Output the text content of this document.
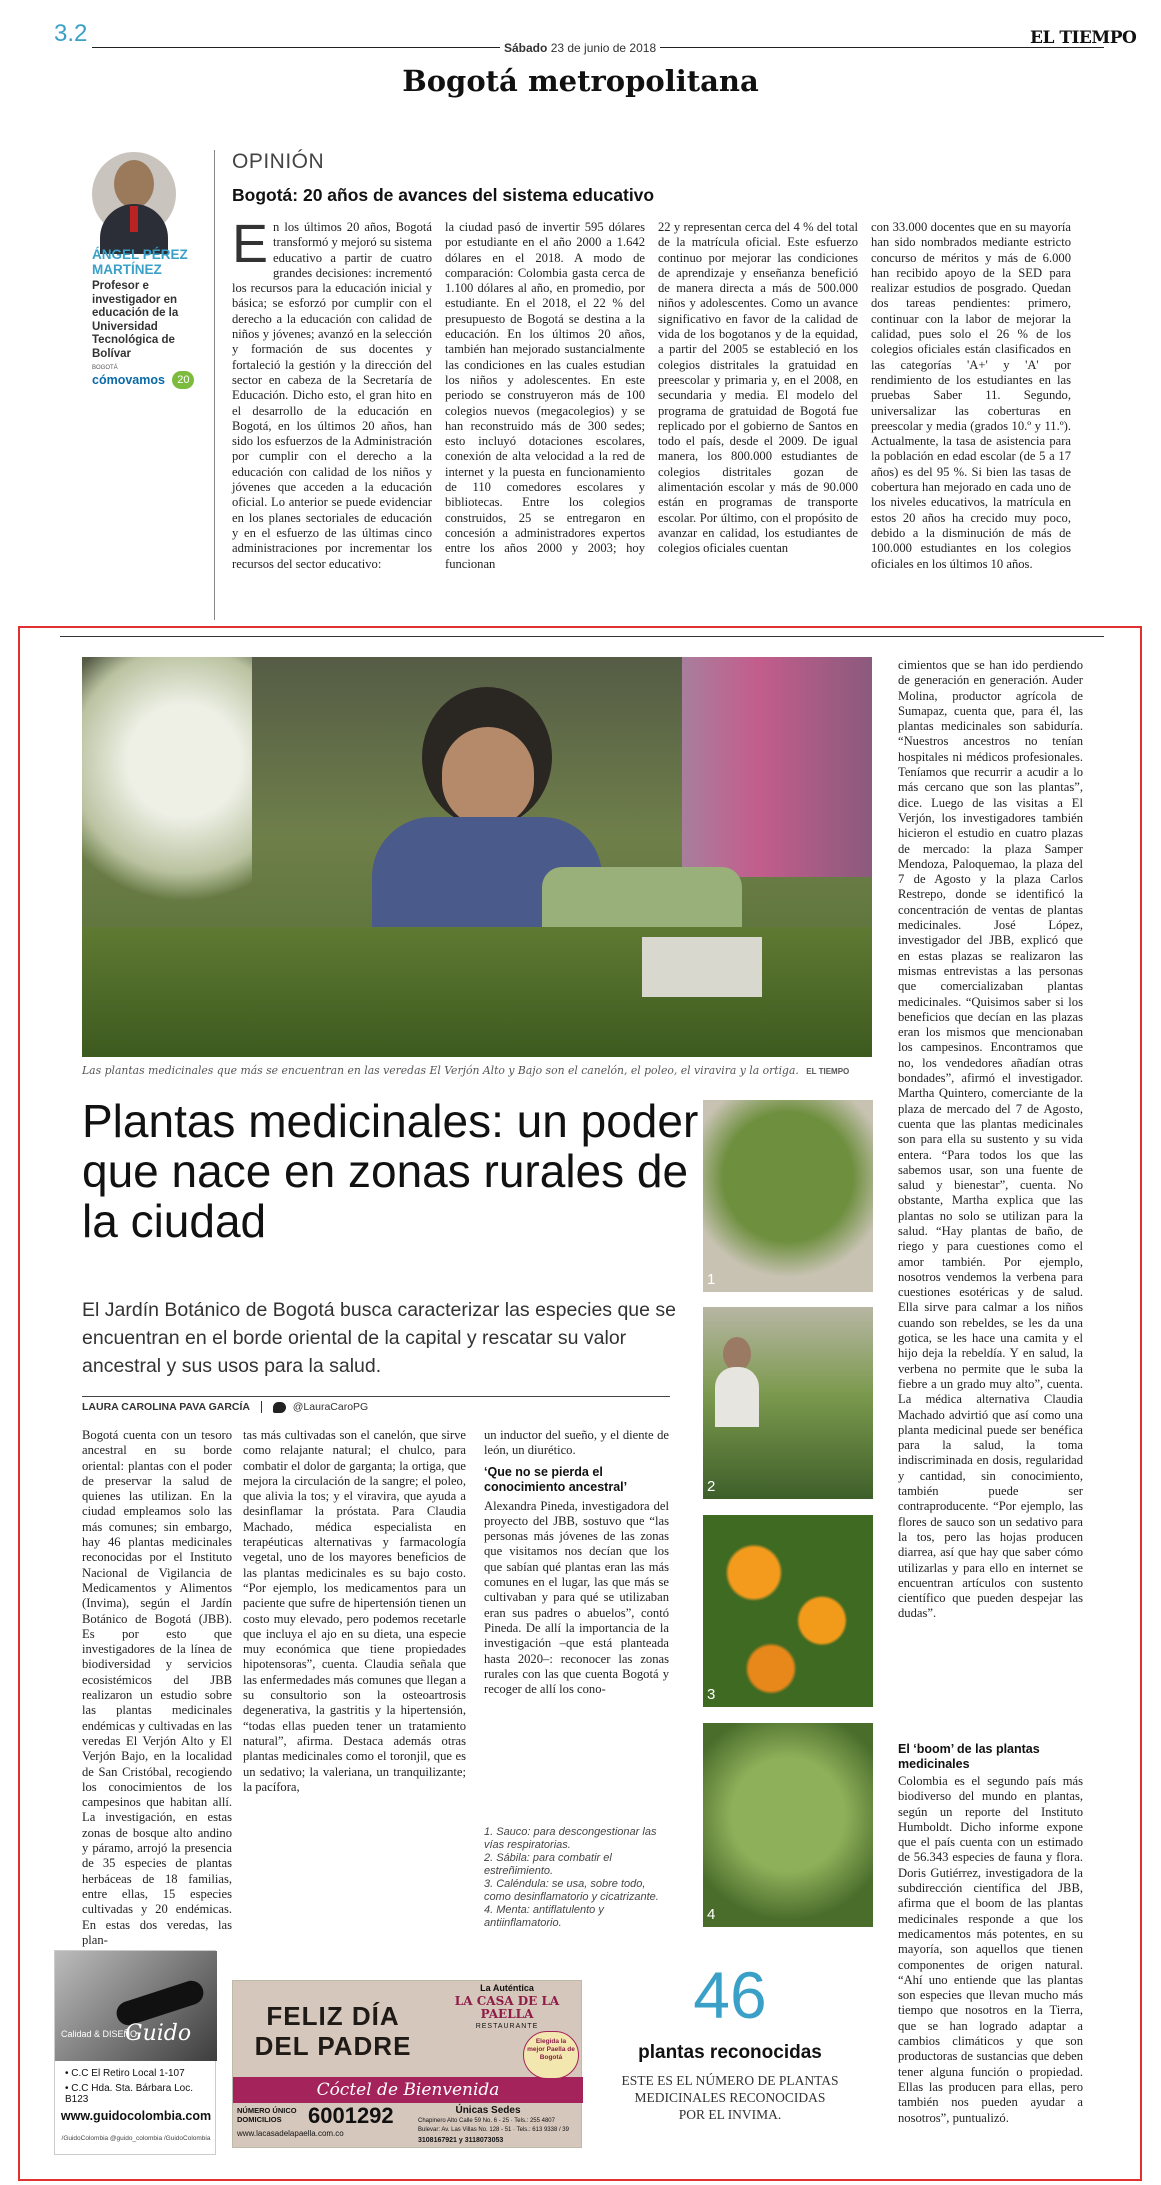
3.2
Sábado 23 de junio de 2018	EL TIEMPO
Bogotá metropolitana
ÁNGEL PÉREZ MARTÍNEZ
Profesor e investigador en educación de la Universidad Tecnológica de Bolívar
BOGOTÁ
cómovamos 20
OPINIÓN
Bogotá: 20 años de avances del sistema educativo
E n los últimos 20 años, Bogotá transformó y mejoró su sistema educativo a partir de cuatro grandes decisiones: incrementó los recursos para la educación inicial y básica; se esforzó por cumplir con el derecho a la educación con calidad de niños y jóvenes; avanzó en la selección y formación de sus docentes y fortaleció la gestión y la dirección del sector en cabeza de la Secretaría de Educación. Dicho esto, el gran hito en el desarrollo de la educación en Bogotá, en los últimos 20 años, han sido los esfuerzos de la Administración por cumplir con el derecho a la educación con calidad de los niños y jóvenes que acceden a la educación oficial. Lo anterior se puede evidenciar en los planes sectoriales de educación y en el esfuerzo de las últimas cinco administraciones por incrementar los recursos del sector educativo:
la ciudad pasó de invertir 595 dólares por estudiante en el año 2000 a 1.642 dólares en el 2018. A modo de comparación: Colombia gasta cerca de 1.100 dólares al año, en promedio, por estudiante. En el 2018, el 22 % del presupuesto de Bogotá se destina a la educación. En los últimos 20 años, también han mejorado sustancialmente las condiciones en las cuales estudian los niños y adolescentes. En este periodo se construyeron más de 100 colegios nuevos (megacolegios) y se han reconstruido más de 300 sedes; esto incluyó dotaciones escolares, conexión de alta velocidad a la red de internet y la puesta en funcionamiento de 110 comedores escolares y bibliotecas. Entre los colegios construidos, 25 se entregaron en concesión a administradores expertos entre los años 2000 y 2003; hoy funcionan
22 y representan cerca del 4 % del total de la matrícula oficial. Este esfuerzo continuo por mejorar las condiciones de aprendizaje y enseñanza benefició de manera directa a más de 500.000 niños y adolescentes. Como un avance significativo en favor de la calidad de vida de los bogotanos y de la equidad, a partir del 2005 se estableció en los colegios distritales la gratuidad en preescolar y primaria y, en el 2008, en secundaria y media. El modelo del programa de gratuidad de Bogotá fue replicado por el gobierno de Santos en todo el país, desde el 2009. De igual manera, los 800.000 estudiantes de colegios distritales gozan de alimentación escolar y más de 90.000 están en programas de transporte escolar. Por último, con el propósito de avanzar en calidad, los estudiantes de colegios oficiales cuentan
con 33.000 docentes que en su mayoría han sido nombrados mediante estricto concurso de méritos y más de 6.000 han recibido apoyo de la SED para realizar estudios de posgrado. Quedan dos tareas pendientes: primero, continuar con la labor de mejorar la calidad, pues solo el 26 % de los colegios oficiales están clasificados en las categorías 'A+' y 'A' por rendimiento de los estudiantes en las pruebas Saber 11. Segundo, universalizar las coberturas en preescolar y media (grados 10.º y 11.º). Actualmente, la tasa de asistencia para la población en edad escolar (de 5 a 17 años) es del 95 %. Si bien las tasas de cobertura han mejorado en cada uno de los niveles educativos, la matrícula en estos 20 años ha crecido muy poco, debido a la disminución de más de 100.000 estudiantes en los colegios oficiales en los últimos 10 años.
Las plantas medicinales que más se encuentran en las veredas El Verjón Alto y Bajo son el canelón, el poleo, el viravira y la ortiga. EL TIEMPO
Plantas medicinales: un poder que nace en zonas rurales de la ciudad
El Jardín Botánico de Bogotá busca caracterizar las especies que se encuentran en el borde oriental de la capital y rescatar su valor ancestral y sus usos para la salud.
LAURA CAROLINA PAVA GARCÍA	@LauraCaroPG
Bogotá cuenta con un tesoro ancestral en su borde oriental: plantas con el poder de preservar la salud de quienes las utilizan. En la ciudad empleamos solo las más comunes; sin embargo, hay 46 plantas medicinales reconocidas por el Instituto Nacional de Vigilancia de Medicamentos y Alimentos (Invima), según el Jardín Botánico de Bogotá (JBB). Es por esto que investigadores de la línea de biodiversidad y servicios ecosistémicos del JBB realizaron un estudio sobre las plantas medicinales endémicas y cultivadas en las veredas El Verjón Alto y El Verjón Bajo, en la localidad de San Cristóbal, recogiendo los conocimientos de los campesinos que habitan allí. La investigación, en estas zonas de bosque alto andino y páramo, arrojó la presencia de 35 especies de plantas herbáceas de 18 familias, entre ellas, 15 especies cultivadas y 20 endémicas. En estas dos veredas, las plan-
tas más cultivadas son el canelón, que sirve como relajante natural; el chulco, para combatir el dolor de garganta; la ortiga, que mejora la circulación de la sangre; el poleo, que alivia la tos; y el viravira, que ayuda a desinflamar la próstata. Para Claudia Machado, médica especialista en terapéuticas alternativas y farmacología vegetal, uno de los mayores beneficios de las plantas medicinales es su bajo costo. “Por ejemplo, los medicamentos para un paciente que sufre de hipertensión tienen un costo muy elevado, pero podemos recetarle que incluya el ajo en su dieta, una especie muy económica que tiene propiedades hipotensoras”, cuenta. Claudia señala que las enfermedades más comunes que llegan a su consultorio son la osteoartrosis degenerativa, la gastritis y la hipertensión, “todas ellas pueden tener un tratamiento natural”, afirma. Destaca además otras plantas medicinales como el toronjil, que es un sedativo; la valeriana, un tranquilizante; la pacífora,
un inductor del sueño, y el diente de león, un diurético.
‘Que no se pierda el conocimiento ancestral’
Alexandra Pineda, investigadora del proyecto del JBB, sostuvo que “las personas más jóvenes de las zonas que visitamos nos decían que los que sabían qué plantas eran las más comunes en el lugar, las que más se cultivaban y para qué se utilizaban eran sus padres o abuelos”, contó Pineda. De allí la importancia de la investigación –que está planteada hasta 2020–: reconocer las zonas rurales con las que cuenta Bogotá y recoger de allí los cono-
1. Sauco: para descongestionar las vías respiratorias.
2. Sábila: para combatir el estreñimiento.
3. Caléndula: se usa, sobre todo, como desinflamatorio y cicatrizante.
4. Menta: antiflatulento y antiinflamatorio.
1
2
3
4
cimientos que se han ido perdiendo de generación en generación. Auder Molina, productor agrícola de Sumapaz, cuenta que, para él, las plantas medicinales son sabiduría. “Nuestros ancestros no tenían hospitales ni médicos profesionales. Teníamos que recurrir a acudir a lo más cercano que son las plantas”, dice. Luego de las visitas a El Verjón, los investigadores también hicieron el estudio en cuatro plazas de mercado: la plaza Samper Mendoza, Paloquemao, la plaza del 7 de Agosto y la plaza Carlos Restrepo, donde se identificó la concentración de ventas de plantas medicinales. José López, investigador del JBB, explicó que en estas plazas se realizaron las mismas entrevistas a las personas que comercializaban plantas medicinales. “Quisimos saber si los beneficios que decían en las plazas eran los mismos que mencionaban los campesinos. Encontramos que no, los vendedores añadían otras bondades”, afirmó el investigador. Martha Quintero, comerciante de la plaza de mercado del 7 de Agosto, cuenta que las plantas medicinales son para ella su sustento y su vida entera. “Para todos los que las sabemos usar, son una fuente de salud y bienestar”, cuenta. No obstante, Martha explica que las plantas no solo se utilizan para la salud. “Hay plantas de baño, de riego y para cuestiones como el amor también. Por ejemplo, nosotros vendemos la verbena para cuestiones esotéricas y de salud. Ella sirve para calmar a los niños cuando son rebeldes, se les da una gotica, se les hace una camita y el hijo deja la rebeldía. Y en salud, la verbena no permite que le suba la fiebre a un grado muy alto”, cuenta. La médica alternativa Claudia Machado advirtió que así como una planta medicinal puede ser benéfica para la salud, la toma indiscriminada en dosis, regularidad y cantidad, sin conocimiento, también puede ser contraproducente. “Por ejemplo, las flores de sauco son un sedativo para la tos, pero las hojas producen diarrea, así que hay que saber cómo utilizarlas y para ello en internet se encuentran artículos con sustento científico que pueden despejar las dudas”.
El ‘boom’ de las plantas medicinales
Colombia es el segundo país más biodiverso del mundo en plantas, según un reporte del Instituto Humboldt. Dicho informe expone que el país cuenta con un estimado de 56.343 especies de fauna y flora. Doris Gutiérrez, investigadora de la subdirección científica del JBB, afirma que el boom de las plantas medicinales responde a que los medicamentos más potentes, en su mayoría, son aquellos que tienen componentes de origen natural. “Ahí uno entiende que las plantas son especies que llevan mucho más tiempo que nosotros en la Tierra, que se han logrado adaptar a cambios climáticos y que son productoras de sustancias que deben tener alguna función o propiedad. Ellas las producen para ellas, pero también nos pueden ayudar a nosotros”, puntualizó.
46
plantas reconocidas
ESTE ES EL NÚMERO DE PLANTAS MEDICINALES RECONOCIDAS POR EL INVIMA.
Calidad & DISEÑO
Guido
• C.C El Retiro Local 1-107
• C.C Hda. Sta. Bárbara Loc. B123
www.guidocolombia.com
/GuidoColombia @guido_colombia /GuidoColombia
FELIZ DÍA
DEL PADRE
Cóctel de Bienvenida
La Auténtica
LA CASA DE LA PAELLA
RESTAURANTE
Únicas Sedes
Chapinero Alto Calle 59 No. 6 - 25 · Tels.: 255 4807
Bulevar: Av. Las Villas No. 128 - 51 · Tels.: 613 9338 / 39
NÚMERO ÚNICO DOMICILIOS	6001292
www.lacasadelapaella.com.co
3108167921 y 3118073053
Elegida la mejor Paella de Bogotá
